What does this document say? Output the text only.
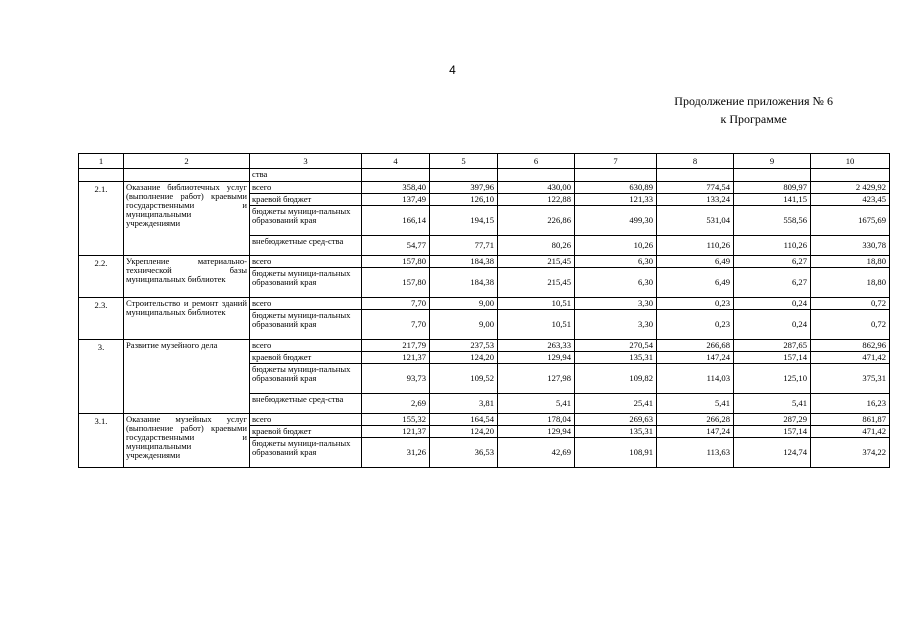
4
Продолжение приложения № 6
к Программе
1	2	3	4	5	6	7	8	9	10
		ства							
2.1.	Оказание библиотечных услуг (выполнение работ) краевыми государственными и муниципальными учреждениями	всего	358,40	397,96	430,00	630,89	774,54	809,97	2 429,92
		краевой бюджет	137,49	126,10	122,88	121,33	133,24	141,15	423,45
		бюджеты муници-пальных образований края	166,14	194,15	226,86	499,30	531,04	558,56	1675,69
		внебюджетные сред-ства	54,77	77,71	80,26	10,26	110,26	110,26	330,78
2.2.	Укрепление материально-технической базы муниципальных библиотек	всего	157,80	184,38	215,45	6,30	6,49	6,27	18,80
		бюджеты муници-пальных образований края	157,80	184,38	215,45	6,30	6,49	6,27	18,80
2.3.	Строительство и ремонт зданий муниципальных библиотек	всего	7,70	9,00	10,51	3,30	0,23	0,24	0,72
		бюджеты муници-пальных образований края	7,70	9,00	10,51	3,30	0,23	0,24	0,72
3.	Развитие музейного дела	всего	217,79	237,53	263,33	270,54	266,68	287,65	862,96
		краевой бюджет	121,37	124,20	129,94	135,31	147,24	157,14	471,42
		бюджеты муници-пальных образований края	93,73	109,52	127,98	109,82	114,03	125,10	375,31
		внебюджетные сред-ства	2,69	3,81	5,41	25,41	5,41	5,41	16,23
3.1.	Оказание музейных услуг (выполнение работ) краевыми государственными и муниципальными учреждениями	всего	155,32	164,54	178,04	269,63	266,28	287,29	861,87
		краевой бюджет	121,37	124,20	129,94	135,31	147,24	157,14	471,42
		бюджеты муници-пальных образований края	31,26	36,53	42,69	108,91	113,63	124,74	374,22
